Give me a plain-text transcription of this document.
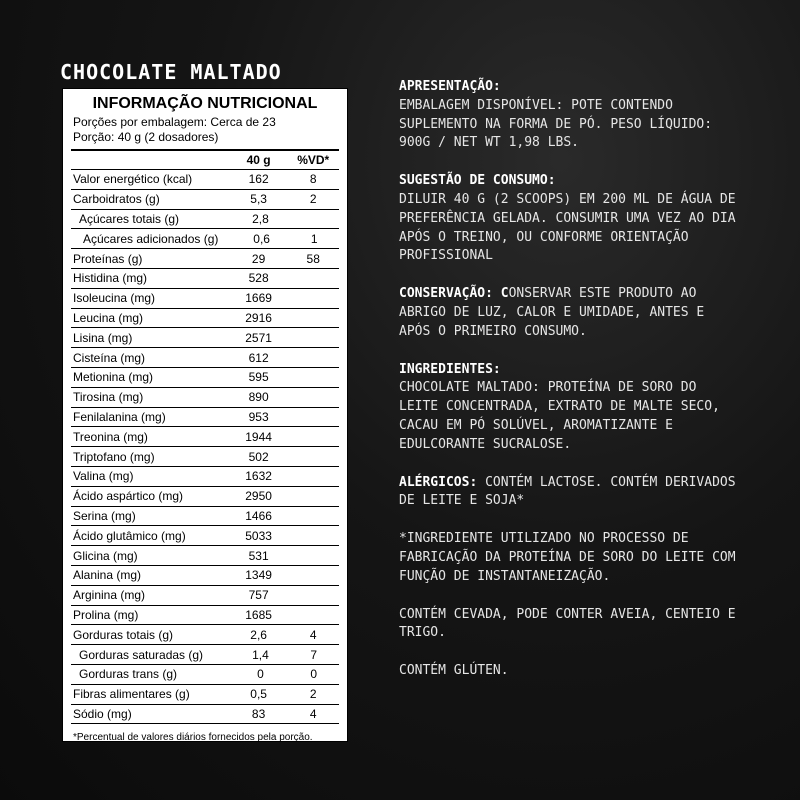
CHOCOLATE MALTADO
INFORMAÇÃO NUTRICIONAL
Porções por embalagem: Cerca de 23
Porção: 40 g (2 dosadores)
40 g	%VD*
Valor energético (kcal)	162	8
Carboidratos (g)	5,3	2
Açúcares totais (g)	2,8
Açúcares adicionados (g)	0,6	1
Proteínas (g)	29	58
Histidina (mg)	528
Isoleucina (mg)	1669
Leucina (mg)	2916
Lisina (mg)	2571
Cisteína (mg)	612
Metionina (mg)	595
Tirosina (mg)	890
Fenilalanina (mg)	953
Treonina (mg)	1944
Triptofano (mg)	502
Valina (mg)	1632
Ácido aspártico (mg)	2950
Serina (mg)	1466
Ácido glutâmico (mg)	5033
Glicina (mg)	531
Alanina (mg)	1349
Arginina (mg)	757
Prolina (mg)	1685
Gorduras totais (g)	2,6	4
Gorduras saturadas (g)	1,4	7
Gorduras trans (g)	0	0
Fibras alimentares (g)	0,5	2
Sódio (mg)	83	4
*Percentual de valores diários fornecidos pela porção.
APRESENTAÇÃO:
EMBALAGEM DISPONÍVEL: POTE CONTENDO SUPLEMENTO NA FORMA DE PÓ. PESO LÍQUIDO: 900G / NET WT 1,98 LBS.
SUGESTÃO DE CONSUMO:
DILUIR 40 G (2 SCOOPS) EM 200 ML DE ÁGUA DE PREFERÊNCIA GELADA. CONSUMIR UMA VEZ AO DIA APÓS O TREINO, OU CONFORME ORIENTAÇÃO PROFISSIONAL
CONSERVAÇÃO: CONSERVAR ESTE PRODUTO AO ABRIGO DE LUZ, CALOR E UMIDADE, ANTES E APÓS O PRIMEIRO CONSUMO.
INGREDIENTES:
CHOCOLATE MALTADO: PROTEÍNA DE SORO DO LEITE CONCENTRADA, EXTRATO DE MALTE SECO, CACAU EM PÓ SOLÚVEL, AROMATIZANTE E EDULCORANTE SUCRALOSE.
ALÉRGICOS: CONTÉM LACTOSE. CONTÉM DERIVADOS DE LEITE E SOJA*
*INGREDIENTE UTILIZADO NO PROCESSO DE FABRICAÇÃO DA PROTEÍNA DE SORO DO LEITE COM FUNÇÃO DE INSTANTANEIZAÇÃO.
CONTÉM CEVADA, PODE CONTER AVEIA, CENTEIO E TRIGO.
CONTÉM GLÚTEN.
